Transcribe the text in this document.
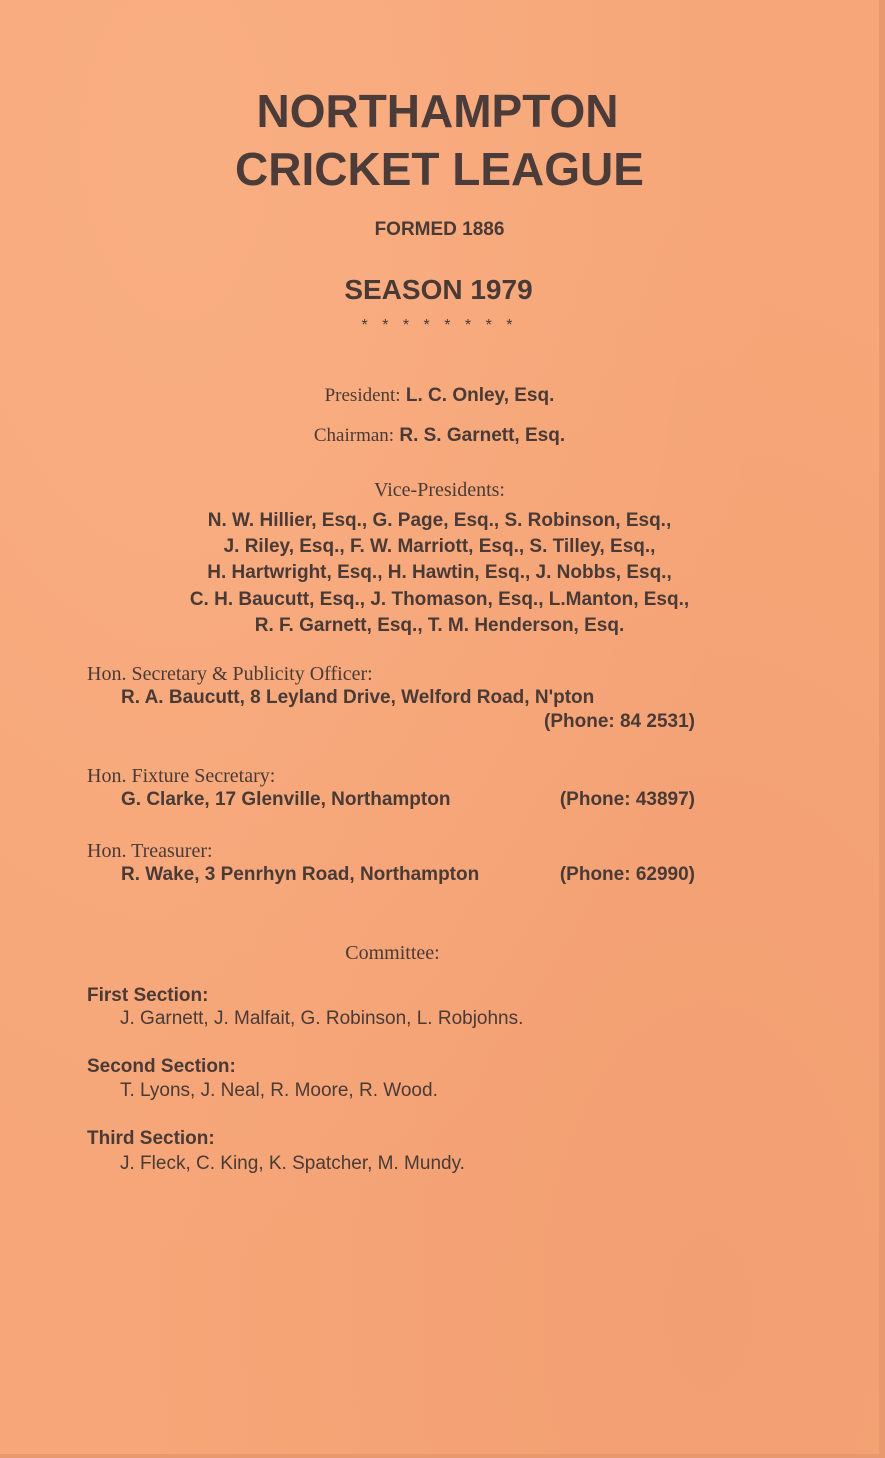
NORTHAMPTON
CRICKET LEAGUE
FORMED 1886
SEASON 1979
* * * * * * * *
President: L. C. Onley, Esq.
Chairman: R. S. Garnett, Esq.
Vice-Presidents:
N. W. Hillier, Esq., G. Page, Esq., S. Robinson, Esq.,
J. Riley, Esq., F. W. Marriott, Esq., S. Tilley, Esq.,
H. Hartwright, Esq., H. Hawtin, Esq., J. Nobbs, Esq.,
C. H. Baucutt, Esq., J. Thomason, Esq., L.Manton, Esq.,
R. F. Garnett, Esq., T. M. Henderson, Esq.
Hon. Secretary & Publicity Officer:
R. A. Baucutt, 8 Leyland Drive, Welford Road, N'pton
(Phone: 84 2531)
Hon. Fixture Secretary:
G. Clarke, 17 Glenville, Northampton	(Phone: 43897)
Hon. Treasurer:
R. Wake, 3 Penrhyn Road, Northampton	(Phone: 62990)
Committee:
First Section:
J. Garnett, J. Malfait, G. Robinson, L. Robjohns.
Second Section:
T. Lyons, J. Neal, R. Moore, R. Wood.
Third Section:
J. Fleck, C. King, K. Spatcher, M. Mundy.
